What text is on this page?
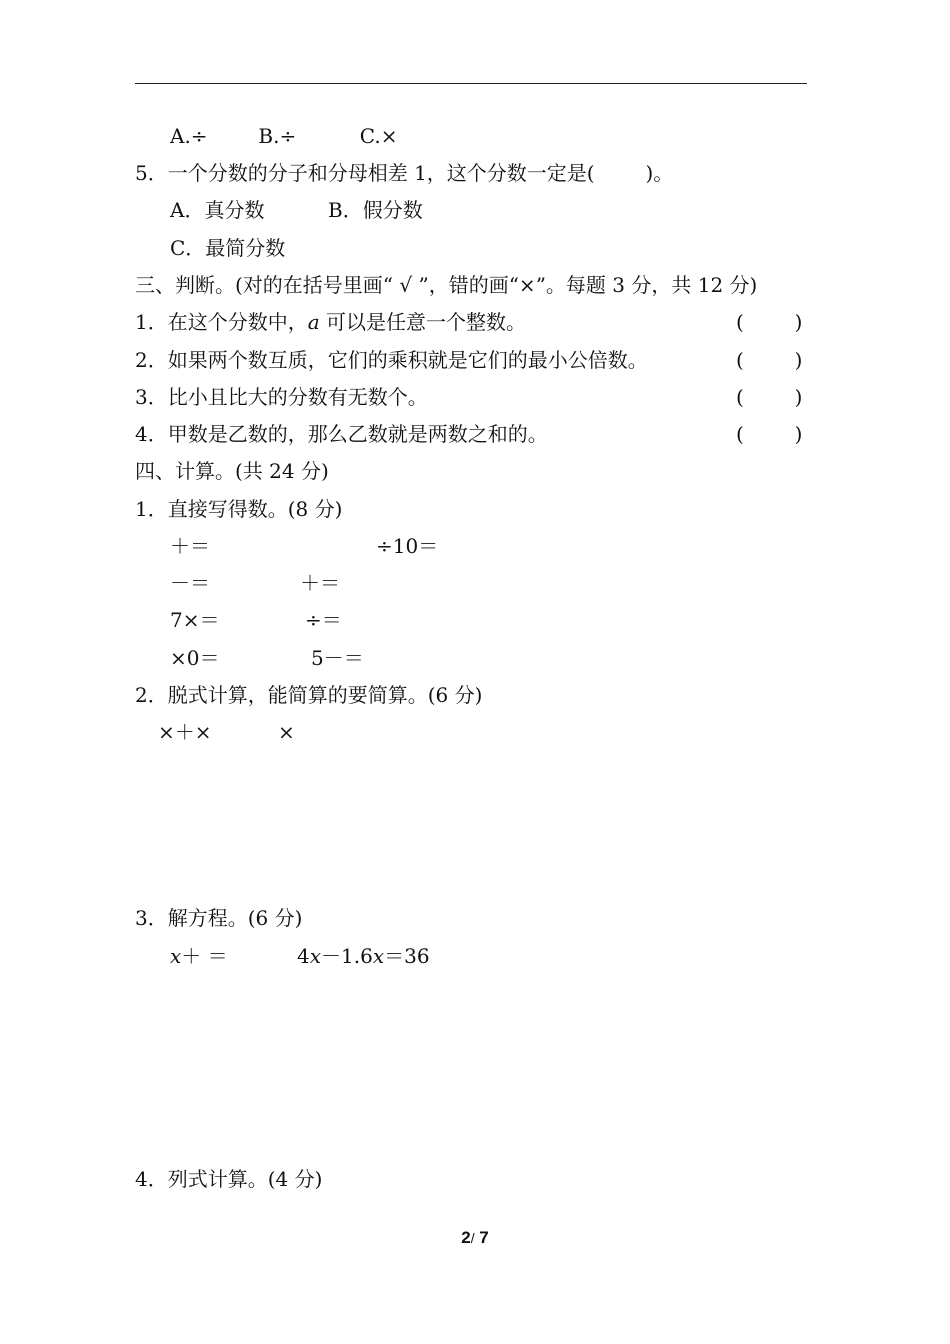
A.÷        B.÷          C.×
5．一个分数的分子和分母相差 1，这个分数一定是(        )。
A．真分数          B．假分数
C．最简分数
三、判断。(对的在括号里画“ √ ”，错的画“×”。每题 3 分，共 12 分)
1．在这个分数中，a 可以是任意一个整数。	(        )
2．如果两个数互质，它们的乘积就是它们的最小公倍数。	(        )
3．比小且比大的分数有无数个。	(        )
4．甲数是乙数的，那么乙数就是两数之和的。	(        )
四、计算。(共 24 分)
1．直接写得数。(8 分)
＋＝	÷10＝
－＝	＋＝
7×＝	÷＝
×0＝	5－＝
2．脱式计算，能简算的要简算。(6 分)
×＋×	×
3．解方程。(6 分)
x＋ ＝	4x－1.6x＝36
4．列式计算。(4 分)
2/ 7
